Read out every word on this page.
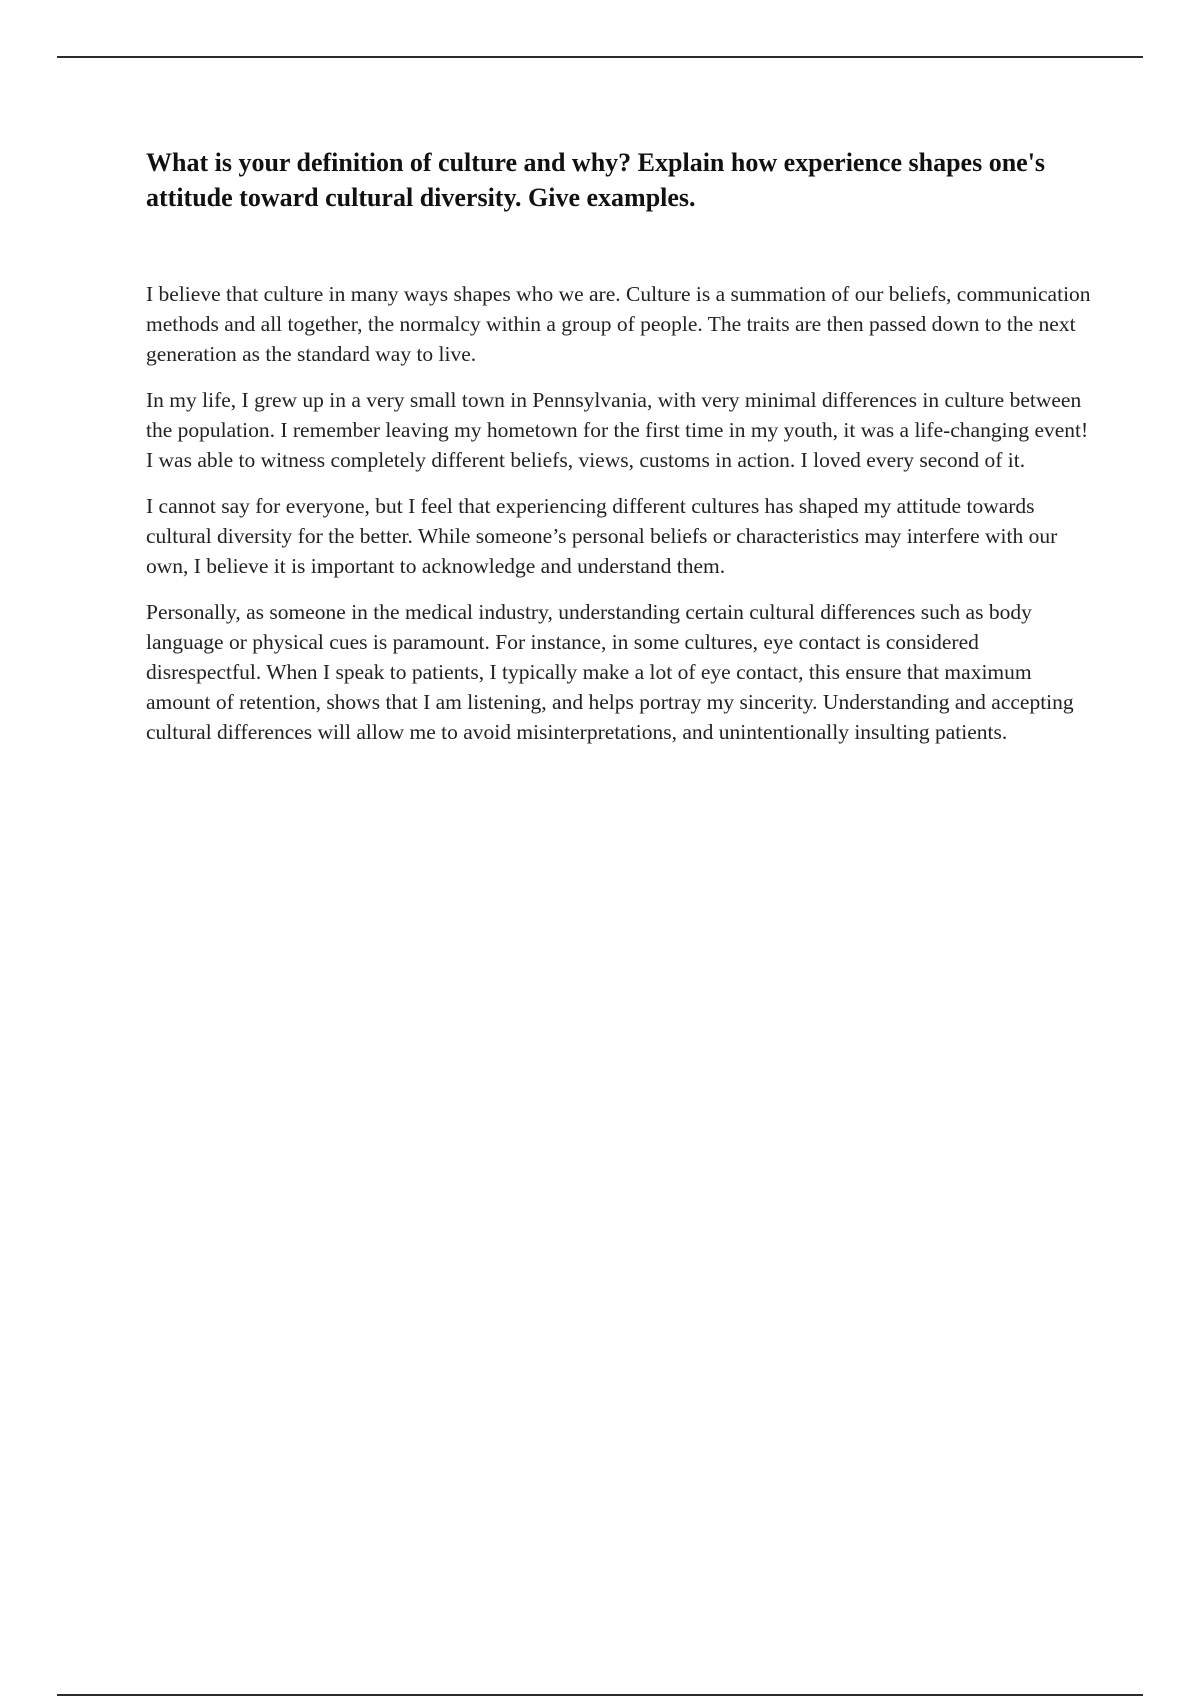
What is your definition of culture and why? Explain how experience shapes one's attitude toward cultural diversity. Give examples.

I believe that culture in many ways shapes who we are. Culture is a summation of our beliefs, communication methods and all together, the normalcy within a group of people. The traits are then passed down to the next generation as the standard way to live.

In my life, I grew up in a very small town in Pennsylvania, with very minimal differences in culture between the population. I remember leaving my hometown for the first time in my youth, it was a life-changing event! I was able to witness completely different beliefs, views, customs in action. I loved every second of it.

I cannot say for everyone, but I feel that experiencing different cultures has shaped my attitude towards cultural diversity for the better. While someone’s personal beliefs or characteristics may interfere with our own, I believe it is important to acknowledge and understand them.

Personally, as someone in the medical industry, understanding certain cultural differences such as body language or physical cues is paramount. For instance, in some cultures, eye contact is considered disrespectful. When I speak to patients, I typically make a lot of eye contact, this ensure that maximum amount of retention, shows that I am listening, and helps portray my sincerity. Understanding and accepting cultural differences will allow me to avoid misinterpretations, and unintentionally insulting patients.
